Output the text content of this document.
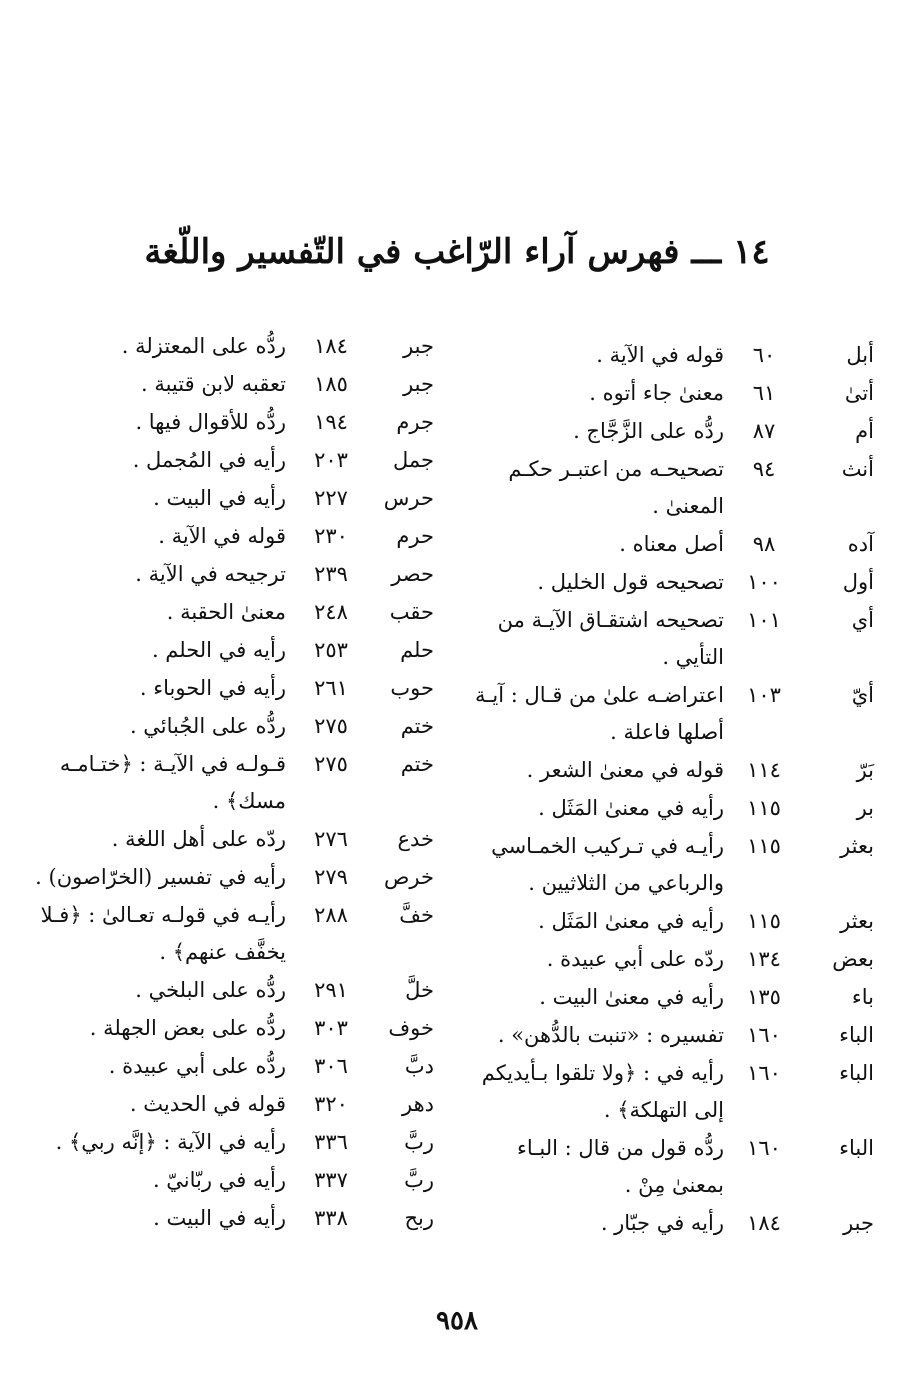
١٤ ـــ فهرس آراء الرّاغب في التّفسير واللّغة
أبل
٦٠
قوله في الآية .
أتىٰ
٦١
معنىٰ جاء أتوه .
أم
٨٧
ردُّه على الزَّجَّاج .
أنث
٩٤
تصحيحـه من اعتبـر حكـم المعنىٰ .
آده
٩٨
أصل معناه .
أول
١٠٠
تصحيحه قول الخليل .
أي
١٠١
تصحيحه اشتقـاق الآيـة من التأيي .
أيّ
١٠٣
اعتراضـه علىٰ من قـال : آيـة أصلها فاعلة .
بَرّ
١١٤
قوله في معنىٰ الشعر .
بر
١١٥
رأيه في معنىٰ المَثَل .
بعثر
١١٥
رأيـه في تـركيب الخمـاسي والرباعي من الثلاثيين .
بعثر
١١٥
رأيه في معنىٰ المَثَل .
بعض
١٣٤
ردّه على أبي عبيدة .
باء
١٣٥
رأيه في معنىٰ البيت .
الباء
١٦٠
تفسيره : «تنبت بالدُّهن» .
الباء
١٦٠
رأيه في : ﴿ولا تلقوا بـأيديكم إلى التهلكة﴾ .
الباء
١٦٠
ردُّه قول من قال : البـاء بمعنىٰ مِنْ .
جبر
١٨٤
رأيه في جبّار .
جبر
١٨٤
ردُّه على المعتزلة .
جبر
١٨٥
تعقبه لابن قتيبة .
جرم
١٩٤
ردُّه للأقوال فيها .
جمل
٢٠٣
رأيه في المُجمل .
حرس
٢٢٧
رأيه في البيت .
حرم
٢٣٠
قوله في الآية .
حصر
٢٣٩
ترجيحه في الآية .
حقب
٢٤٨
معنىٰ الحقبة .
حلم
٢٥٣
رأيه في الحلم .
حوب
٢٦١
رأيه في الحوباء .
ختم
٢٧٥
ردُّه على الجُبائي .
ختم
٢٧٥
قـولـه في الآيـة : ﴿ختـامـه مسك﴾ .
خدع
٢٧٦
ردّه على أهل اللغة .
خرص
٢٧٩
رأيه في تفسير (الخرّاصون) .
خفَّ
٢٨٨
رأيـه في قولـه تعـالىٰ : ﴿فـلا يخفَّف عنهم﴾ .
خلَّ
٢٩١
ردُّه على البلخي .
خوف
٣٠٣
ردُّه على بعض الجهلة .
دبَّ
٣٠٦
ردُّه على أبي عبيدة .
دهر
٣٢٠
قوله في الحديث .
ربَّ
٣٣٦
رأيه في الآية : ﴿إنَّه ربي﴾ .
ربَّ
٣٣٧
رأيه في ربّانيّ .
ربح
٣٣٨
رأيه في البيت .
٩٥٨
